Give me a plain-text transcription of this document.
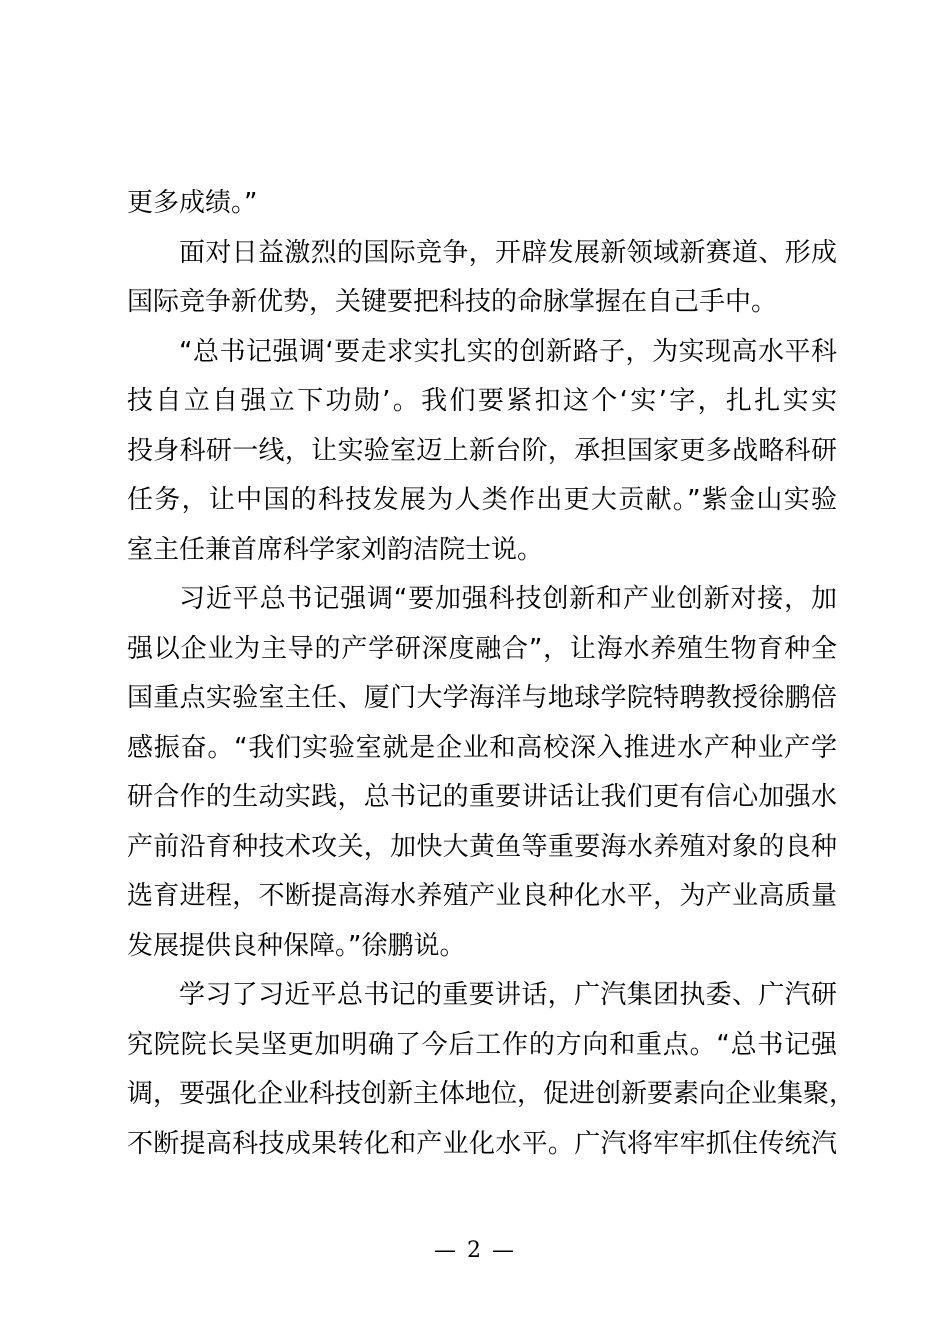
更多成绩。”
面对日益激烈的国际竞争，开辟发展新领域新赛道、形成
国际竞争新优势，关键要把科技的命脉掌握在自己手中。
“总书记强调‘要走求实扎实的创新路子，为实现高水平科
技自立自强立下功勋’。我们要紧扣这个‘实’字，扎扎实实
投身科研一线，让实验室迈上新台阶，承担国家更多战略科研
任务，让中国的科技发展为人类作出更大贡献。”紫金山实验
室主任兼首席科学家刘韵洁院士说。
习近平总书记强调“要加强科技创新和产业创新对接，加
强以企业为主导的产学研深度融合”，让海水养殖生物育种全
国重点实验室主任、厦门大学海洋与地球学院特聘教授徐鹏倍
感振奋。“我们实验室就是企业和高校深入推进水产种业产学
研合作的生动实践，总书记的重要讲话让我们更有信心加强水
产前沿育种技术攻关，加快大黄鱼等重要海水养殖对象的良种
选育进程，不断提高海水养殖产业良种化水平，为产业高质量
发展提供良种保障。”徐鹏说。
学习了习近平总书记的重要讲话，广汽集团执委、广汽研
究院院长吴坚更加明确了今后工作的方向和重点。“总书记强
调，要强化企业科技创新主体地位，促进创新要素向企业集聚，
不断提高科技成果转化和产业化水平。广汽将牢牢抓住传统汽
— 2 —
